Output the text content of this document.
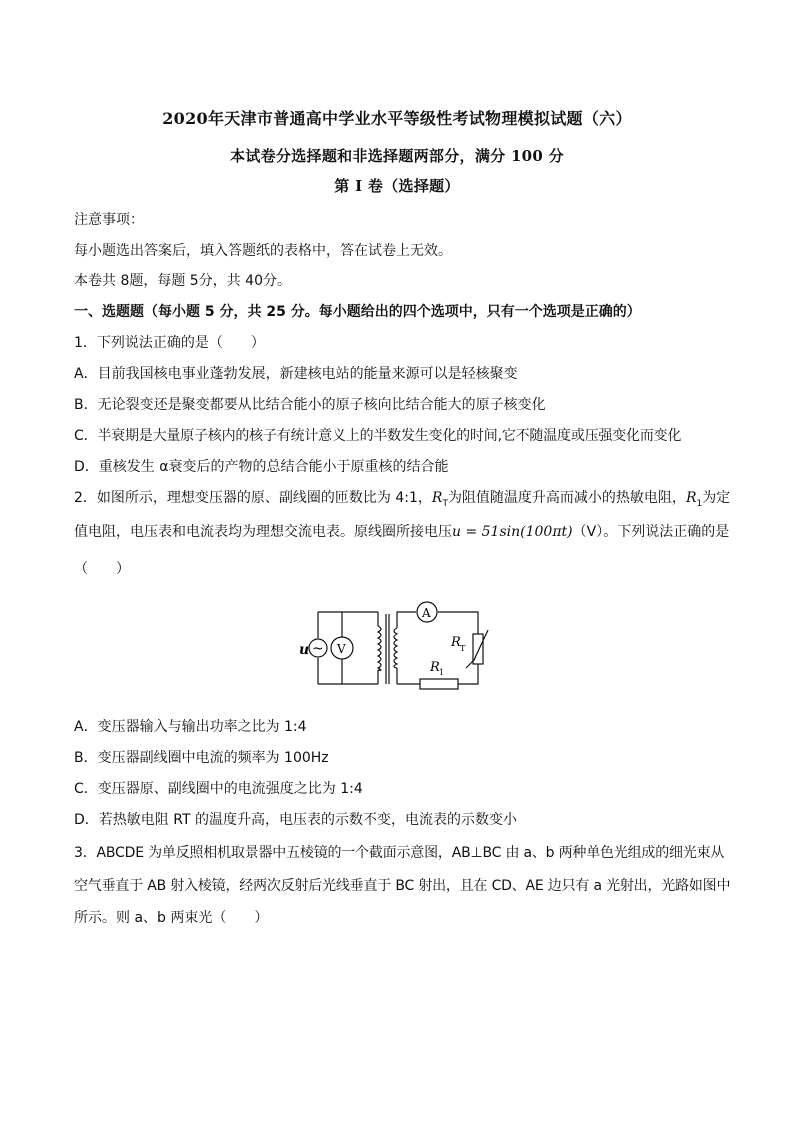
2020年天津市普通高中学业水平等级性考试物理模拟试题（六）
本试卷分选择题和非选择题两部分，满分 100 分
第 I 卷（选择题）
注意事项：
每小题选出答案后，填入答题纸的表格中，答在试卷上无效。
本卷共 8题，每题 5分，共 40分。
一、选题题（每小题 5 分，共 25 分。每小题给出的四个选项中，只有一个选项是正确的）
1．下列说法正确的是（　　）
A．目前我国核电事业蓬勃发展，新建核电站的能量来源可以是轻核聚变
B．无论裂变还是聚变都要从比结合能小的原子核向比结合能大的原子核变化
C．半衰期是大量原子核内的核子有统计意义上的半数发生变化的时间,它不随温度或压强变化而变化
D．重核发生 α衰变后的产物的总结合能小于原重核的结合能
2．如图所示，理想变压器的原、副线圈的匝数比为 4:1，$R_T$为阻值随温度升高而减小的热敏电阻，$R_1$为定
值电阻，电压表和电流表均为理想交流电表。原线圈所接电压u = 51sin(100πt)（V）。下列说法正确的是
（　　）
u ~ V
A
R T
R 1
A．变压器输入与输出功率之比为 1:4
B．变压器副线圈中电流的频率为 100Hz
C．变压器原、副线圈中的电流强度之比为 1:4
D．若热敏电阻 RT 的温度升高，电压表的示数不变，电流表的示数变小
3．ABCDE 为单反照相机取景器中五棱镜的一个截面示意图，AB⊥BC 由 a、b 两种单色光组成的细光束从
空气垂直于 AB 射入棱镜，经两次反射后光线垂直于 BC 射出，且在 CD、AE 边只有 a 光射出，光路如图中
所示。则 a、b 两束光（　　）
